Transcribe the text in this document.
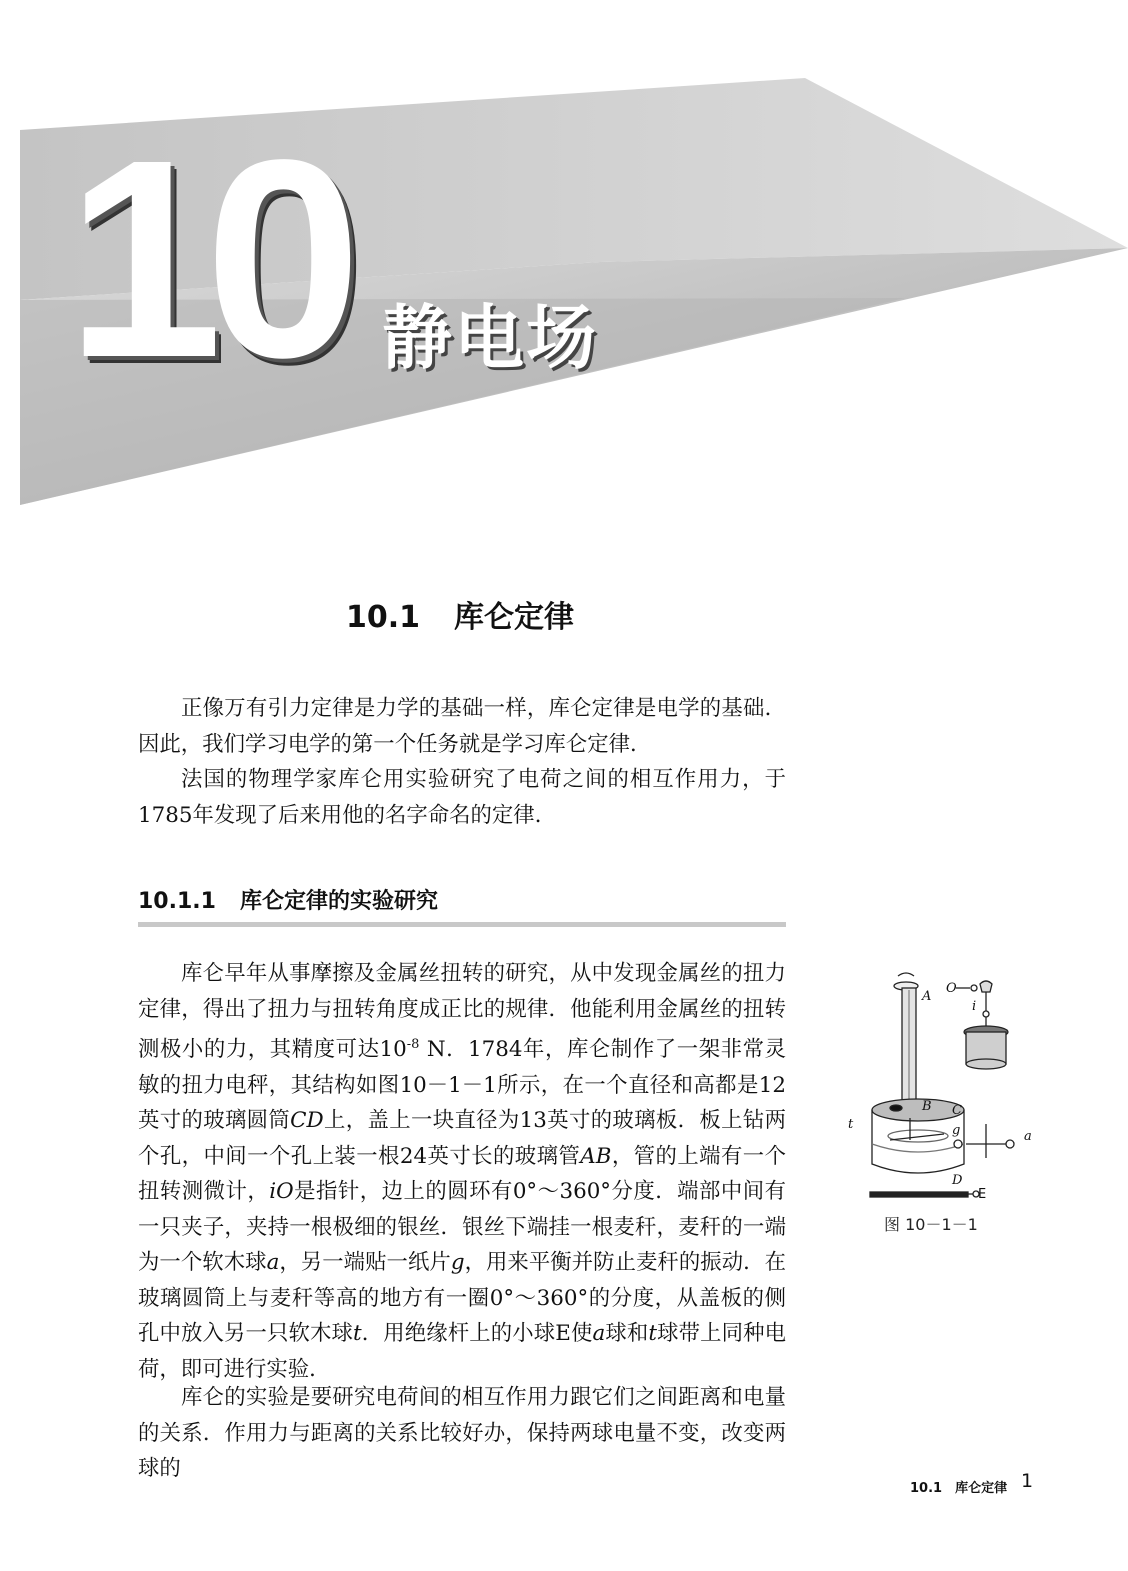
10 静电场
10.1 库仑定律

正像万有引力定律是力学的基础一样，库仑定律是电学的基础．因此，我们学习电学的第一个任务就是学习库仑定律．

法国的物理学家库仑用实验研究了电荷之间的相互作用力，于1785年发现了后来用他的名字命名的定律．

10.1.1 库仑定律的实验研究

库仑早年从事摩擦及金属丝扭转的研究，从中发现金属丝的扭力定律，得出了扭力与扭转角度成正比的规律．他能利用金属丝的扭转测极小的力，其精度可达$10^{-8}$ N．1784年，库仑制作了一架非常灵敏的扭力电秤，其结构如图10－1－1所示，在一个直径和高都是12英寸的玻璃圆筒CD上，盖上一块直径为13英寸的玻璃板．板上钻两个孔，中间一个孔上装一根24英寸长的玻璃管AB，管的上端有一个扭转测微计，iO是指针，边上的圆环有0°～360°分度．端部中间有一只夹子，夹持一根极细的银丝．银丝下端挂一根麦秆，麦秆的一端为一个软木球a，另一端贴一纸片g，用来平衡并防止麦秆的振动．在玻璃圆筒上与麦秆等高的地方有一圈0°～360°的分度，从盖板的侧孔中放入另一只软木球t．用绝缘杆上的小球E使a球和t球带上同种电荷，即可进行实验．

库仑的实验是要研究电荷间的相互作用力跟它们之间距离和电量的关系．作用力与距离的关系比较好办，保持两球电量不变，改变两球的

A
B C
D
g	a
O
i
t
E
图 10－1－1
10.1　库仑定律 1
